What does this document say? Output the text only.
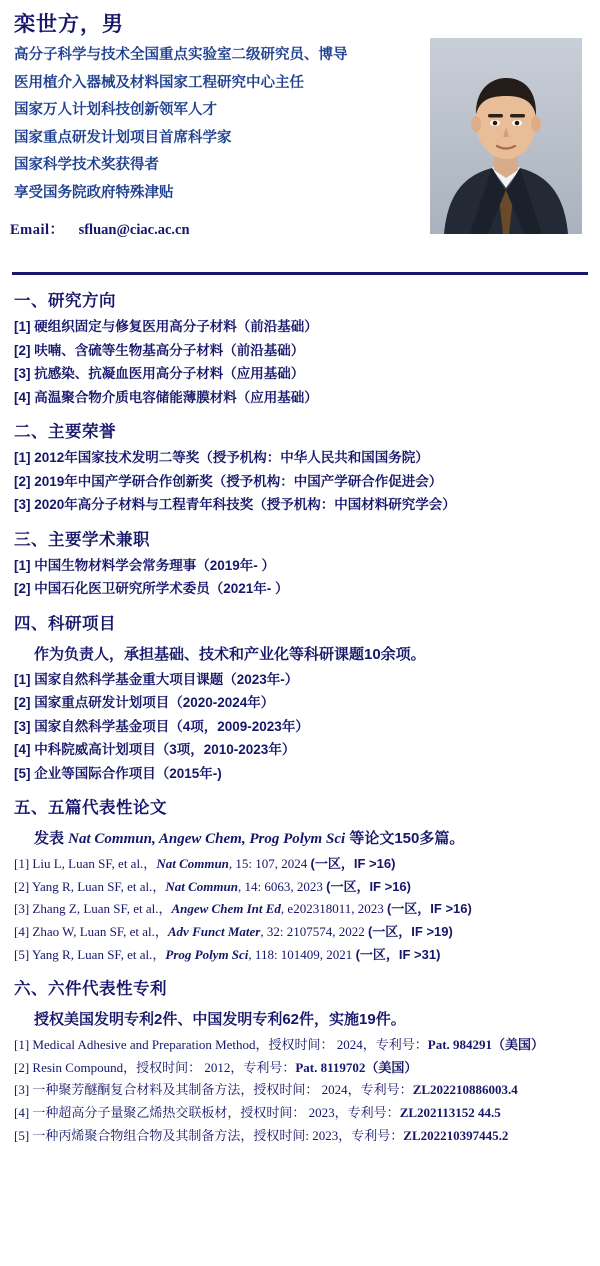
栾世方，男
高分子科学与技术全国重点实验室二级研究员、博导
医用植介入器械及材料国家工程研究中心主任
国家万人计划科技创新领军人才
国家重点研发计划项目首席科学家
国家科学技术奖获得者
享受国务院政府特殊津贴
Email： sfluan@ciac.ac.cn
一、研究方向
[1] 硬组织固定与修复医用高分子材料（前沿基础）
[2] 呋喃、含硫等生物基高分子材料（前沿基础）
[3] 抗感染、抗凝血医用高分子材料（应用基础）
[4] 高温聚合物介质电容储能薄膜材料（应用基础）
二、主要荣誉
[1] 2012年国家技术发明二等奖（授予机构：中华人民共和国国务院）
[2] 2019年中国产学研合作创新奖（授予机构：中国产学研合作促进会）
[3] 2020年高分子材料与工程青年科技奖（授予机构：中国材料研究学会）
三、主要学术兼职
[1] 中国生物材料学会常务理事（2019年- ）
[2] 中国石化医卫研究所学术委员（2021年- ）
四、科研项目
作为负责人，承担基础、技术和产业化等科研课题10余项。
[1] 国家自然科学基金重大项目课题（2023年-）
[2] 国家重点研发计划项目（2020-2024年）
[3] 国家自然科学基金项目（4项，2009-2023年）
[4] 中科院威高计划项目（3项，2010-2023年）
[5] 企业等国际合作项目（2015年-)
五、五篇代表性论文
发表 Nat Commun, Angew Chem, Prog Polym Sci 等论文150多篇。
[1] Liu L, Luan SF, et al.，Nat Commun, 15: 107, 2024 (一区，IF >16)
[2] Yang R, Luan SF, et al.，Nat Commun, 14: 6063, 2023 (一区，IF >16)
[3] Zhang Z, Luan SF, et al.，Angew Chem Int Ed, e202318011, 2023 (一区，IF >16)
[4] Zhao W, Luan SF, et al.，Adv Funct Mater, 32: 2107574, 2022 (一区，IF >19)
[5] Yang R, Luan SF, et al.，Prog Polym Sci, 118: 101409, 2021 (一区，IF >31)
六、六件代表性专利
授权美国发明专利2件、中国发明专利62件，实施19件。
[1] Medical Adhesive and Preparation Method，授权时间： 2024，专利号：Pat. 984291（美国）
[2] Resin Compound，授权时间： 2012，专利号：Pat. 8119702（美国）
[3] 一种聚芳醚酮复合材料及其制备方法，授权时间： 2024，专利号：ZL202210886003.4
[4] 一种超高分子量聚乙烯热交联板材，授权时间： 2023，专利号：ZL202113152 44.5
[5] 一种丙烯聚合物组合物及其制备方法，授权时间: 2023，专利号：ZL202210397445.2
